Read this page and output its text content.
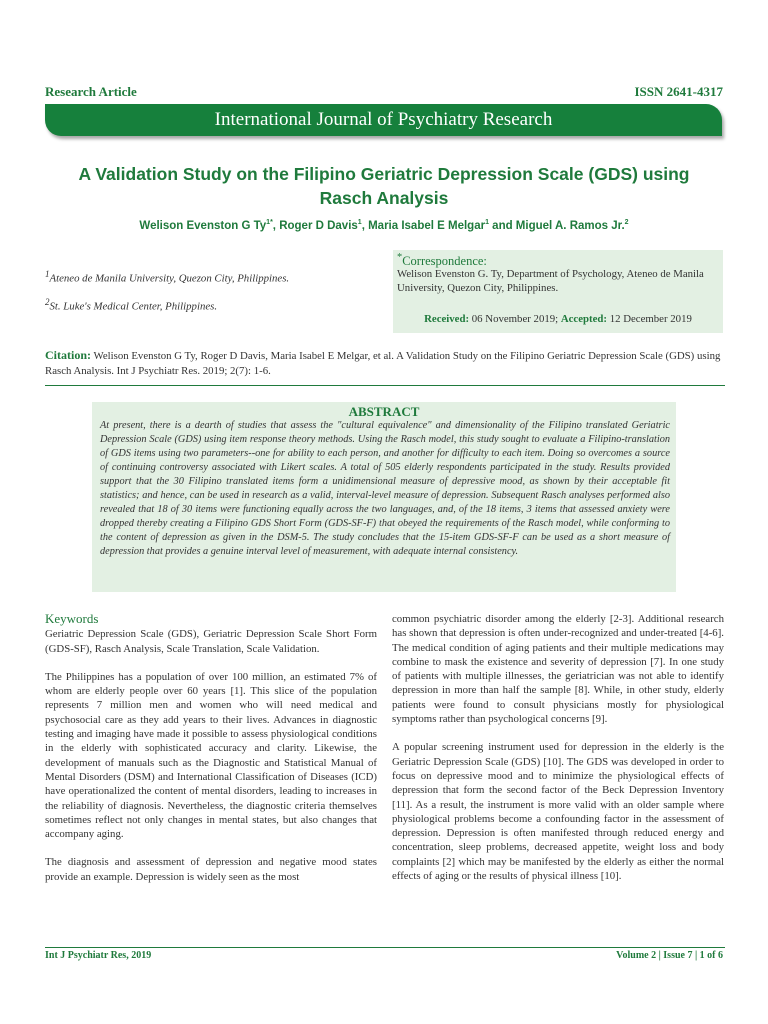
Research Article	ISSN 2641-4317
International Journal of Psychiatry Research
A Validation Study on the Filipino Geriatric Depression Scale (GDS) using
Rasch Analysis
Welison Evenston G $Ty^{1*}$, Roger D Davis$^1$, Maria Isabel E Melgar$^1$ and Miguel A. Ramos Jr.$^2$
$^1$Ateneo de Manila University, Quezon City, Philippines.
$^2$St. Luke's Medical Center, Philippines.
*Correspondence:
Welison Evenston G. Ty, Department of Psychology, Ateneo de Manila University, Quezon City, Philippines.
Received: 06 November 2019; Accepted: 12 December 2019
Citation: Welison Evenston G Ty, Roger D Davis, Maria Isabel E Melgar, et al. A Validation Study on the Filipino Geriatric Depression Scale (GDS) using Rasch Analysis. Int J Psychiatr Res. 2019; 2(7): 1-6.
ABSTRACT
At present, there is a dearth of studies that assess the "cultural equivalence" and dimensionality of the Filipino translated Geriatric Depression Scale (GDS) using item response theory methods. Using the Rasch model, this study sought to evaluate a Filipino-translation of GDS items using two parameters--one for ability to each person, and another for difficulty to each item. Doing so overcomes a source of continuing controversy associated with Likert scales. A total of 505 elderly respondents participated in the study. Results provided support that the 30 Filipino translated items form a unidimensional measure of depressive mood, as shown by their acceptable fit statistics; and hence, can be used in research as a valid, interval-level measure of depression. Subsequent Rasch analyses performed also revealed that 18 of 30 items were functioning equally across the two languages, and, of the 18 items, 3 items that assessed anxiety were dropped thereby creating a Filipino GDS Short Form (GDS-SF-F) that obeyed the requirements of the Rasch model, while conforming to the content of depression as given in the DSM-5. The study concludes that the 15-item GDS-SF-F can be used as a short measure of depression that provides a genuine interval level of measurement, with adequate internal consistency.
Keywords

Geriatric Depression Scale (GDS), Geriatric Depression Scale Short Form (GDS-SF), Rasch Analysis, Scale Translation, Scale Validation.

The Philippines has a population of over 100 million, an estimated 7% of whom are elderly people over 60 years [1]. This slice of the population represents 7 million men and women who will need medical and psychosocial care as they add years to their lives. Advances in diagnostic testing and imaging have made it possible to assess physiological conditions in the elderly with sophisticated accuracy and clarity. Likewise, the development of manuals such as the Diagnostic and Statistical Manual of Mental Disorders (DSM) and International Classification of Diseases (ICD) have operationalized the content of mental disorders, leading to increases in the reliability of diagnosis. Nevertheless, the diagnostic criteria themselves sometimes reflect not only changes in mental states, but also changes that accompany aging.

The diagnosis and assessment of depression and negative mood states provide an example. Depression is widely seen as the most

common psychiatric disorder among the elderly [2-3]. Additional research has shown that depression is often under-recognized and under-treated [4-6]. The medical condition of aging patients and their multiple medications may combine to mask the existence and severity of depression [7]. In one study of patients with multiple illnesses, the geriatrician was not able to identify depression in more than half the sample [8]. While, in other study, elderly patients were found to consult physicians mostly for physiological symptoms rather than psychological concerns [9].

A popular screening instrument used for depression in the elderly is the Geriatric Depression Scale (GDS) [10]. The GDS was developed in order to focus on depressive mood and to minimize the physiological effects of depression that form the second factor of the Beck Depression Inventory [11]. As a result, the instrument is more valid with an older sample where physiological problems become a confounding factor in the assessment of depression. Depression is often manifested through reduced energy and concentration, sleep problems, decreased appetite, weight loss and body complaints [2] which may be manifested by the elderly as either the normal effects of aging or the results of physical illness [10].

Int J Psychiatr Res, 2019	Volume 2 | Issue 7 | 1 of 6
